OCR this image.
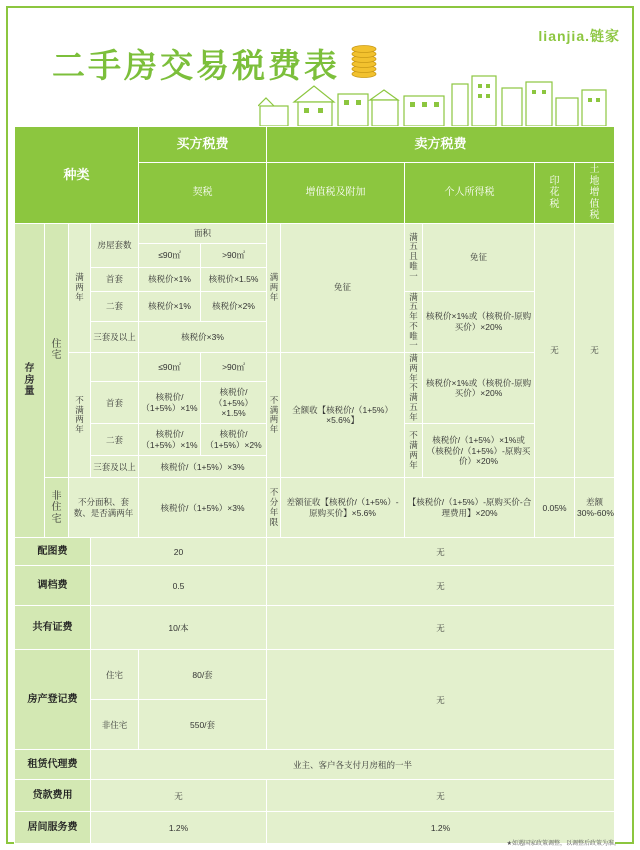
lianjia.链家
二手房交易税费表
种类				买方税费		卖方税费					
				契税		增值税及附加		个人所得税		印花税	土地增值税

存房量	住宅	满两年	房屋套数	面积		满两年	免征	满五且唯一	免征	无	无
				≤90㎡	>90㎡						
			首套	核税价×1%	核税价×1.5%						
			二套	核税价×1%	核税价×2%			满五年不唯一	核税价×1%或（核税价-原购买价）×20%		
			三套及以上	核税价×3%							

		不满两年		≤90㎡	>90㎡	不满两年	全额收【核税价/（1+5%）×5.6%】	满两年不满五年	核税价×1%或（核税价-原购买价）×20%		
			首套	核税价/（1+5%）×1%	核税价/（1+5%）×1.5%						
			二套	核税价/（1+5%）×1%	核税价/（1+5%）×2%			不满两年	核税价/（1+5%）×1%或（核税价/（1+5%）-原购买价）×20%		
			三套及以上	核税价/（1+5%）×3%							

	非住宅	不分面积、套数、是否满两年		核税价/（1+5%）×3%		不分年限	差额征收【核税价/（1+5%）-原购买价】×5.6%	【核税价/（1+5%）-原购买价-合理费用】×20%		0.05%	差额30%-60%
配图费			20			无					
调档费			0.5			无					
共有证费			10/本			无					
房产登记费			住宅	80/套		无					
			非住宅	550/套							
租赁代理费			业主、客户各支付月房租的一半								
贷款费用			无			无					
居间服务费			1.2%			1.2%					
★如遇国家政策调整，以调整后政策为准。
